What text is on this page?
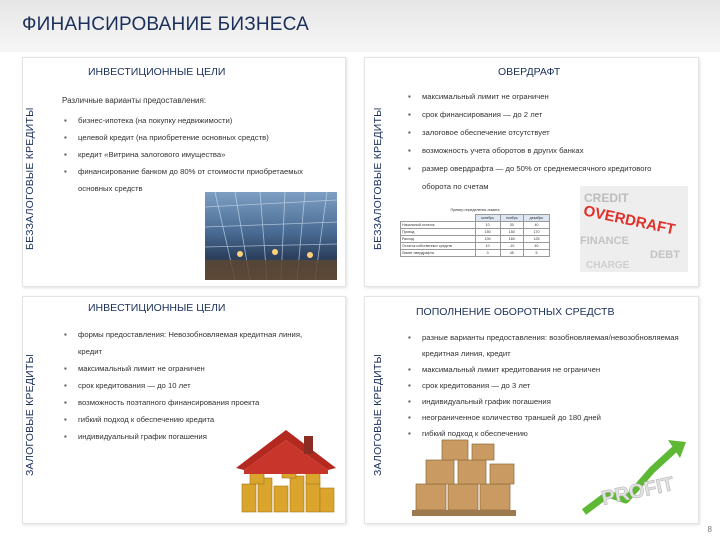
ФИНАНСИРОВАНИЕ БИЗНЕСА
БЕЗЗАЛОГОВЫЕ КРЕДИТЫ
ИНВЕСТИЦИОННЫЕ ЦЕЛИ
Различные варианты предоставления:
▪ бизнес-ипотека (на покупку недвижимости)
▪ целевой кредит (на приобретение основных средств)
▪ кредит «Витрина залогового имущества»
▪ финансирование банком до 80% от стоимости приобретаемых основных средств	БЕЗЗАЛОГОВЫЕ КРЕДИТЫ
ОВЕРДРАФТ
▪ максимальный лимит не ограничен
▪ срок финансирования — до 2 лет
▪ залоговое обеспечение отсутствует
▪ возможность учета оборотов в других банках
▪ размер овердрафта — до 50% от среднемесячного кредитового оборота по счетам
Пример определения лимита
	октябрь	ноябрь	декабрь
Начальный остаток	10	30	40
Приход	150	150	170
Расход	100	160	125
Остаток собственных средств	10	-10	40
Лимит овердрафта	0	45	5
CREDIT
OVERDRAFT
FINANCE
DEBT
CHARGE
ЗАЛОГОВЫЕ КРЕДИТЫ
ИНВЕСТИЦИОННЫЕ ЦЕЛИ
▪ формы предоставления: Невозобновляемая кредитная линия, кредит
▪ максимальный лимит не ограничен
▪ срок кредитования — до 10 лет
▪ возможность поэтапного финансирования проекта
▪ гибкий подход к обеспечению кредита
▪ индивидуальный график погашения	ЗАЛОГОВЫЕ КРЕДИТЫ
ПОПОЛНЕНИЕ ОБОРОТНЫХ СРЕДСТВ
▪ разные варианты предоставления: возобновляемая/невозобновляемая кредитная линия, кредит
▪ максимальный лимит кредитования не ограничен
▪ срок кредитования — до 3 лет
▪ индивидуальный график погашения
▪ неограниченное количество траншей до 180 дней
▪ гибкий подход к обеспечению
PROFIT
8
